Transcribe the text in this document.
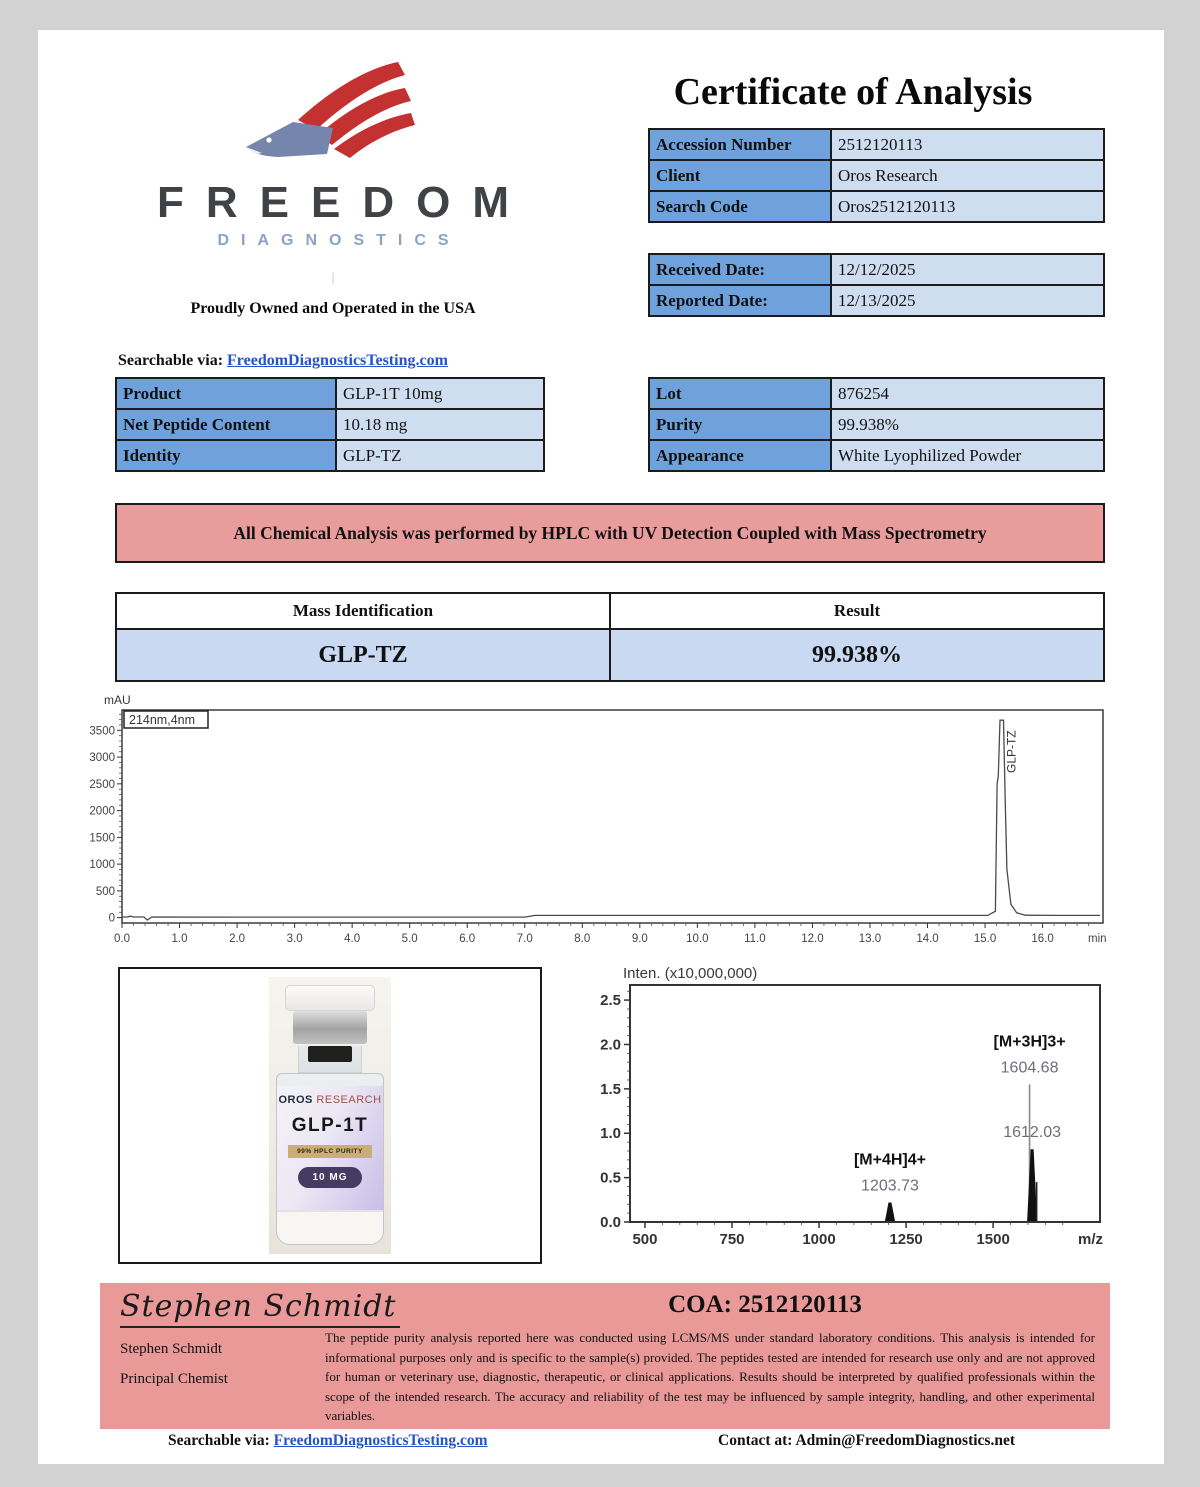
FREEDOM
DIAGNOSTICS
|
Proudly Owned and Operated in the USA
Searchable via: FreedomDiagnosticsTesting.com
Certificate of Analysis
Accession Number	2512120113
Client	Oros Research
Search Code	Oros2512120113
Received Date:	12/12/2025
Reported Date:	12/13/2025
Product	GLP-1T 10mg
Net Peptide Content	10.18 mg
Identity	GLP-TZ
Lot	876254
Purity	99.938%
Appearance	White Lyophilized Powder
All Chemical Analysis was performed by HPLC with UV Detection Coupled with Mass Spectrometry
Mass Identification	Result
GLP-TZ	99.938%
mAU
214nm,4nm
0
500
1000
1500
2000
2500
3000
3500
0.0	1.0	2.0	3.0	4.0	5.0	6.0	7.0	8.0	9.0	10.0	11.0	12.0	13.0	14.0	15.0	16.0	min
GLP-TZ
OROS RESEARCH
GLP-1T
99% HPLC PURITY
10 MG
Inten. (x10,000,000)
0.0
0.5
1.0
1.5
2.0
2.5
500	750	1000	1250	1500	m/z
[M+4H]4+
1203.73
[M+3H]3+
1604.68
1612.03
Stephen Schmidt	COA: 2512120113
Stephen Schmidt
Principal Chemist
The peptide purity analysis reported here was conducted using LCMS/MS under standard laboratory conditions. This analysis is intended for informational purposes only and is specific to the sample(s) provided. The peptides tested are intended for research use only and are not approved for human or veterinary use, diagnostic, therapeutic, or clinical applications. Results should be interpreted by qualified professionals within the scope of the intended research. The accuracy and reliability of the test may be influenced by sample integrity, handling, and other experimental variables.
Searchable via: FreedomDiagnosticsTesting.com	Contact at: Admin@FreedomDiagnostics.net
